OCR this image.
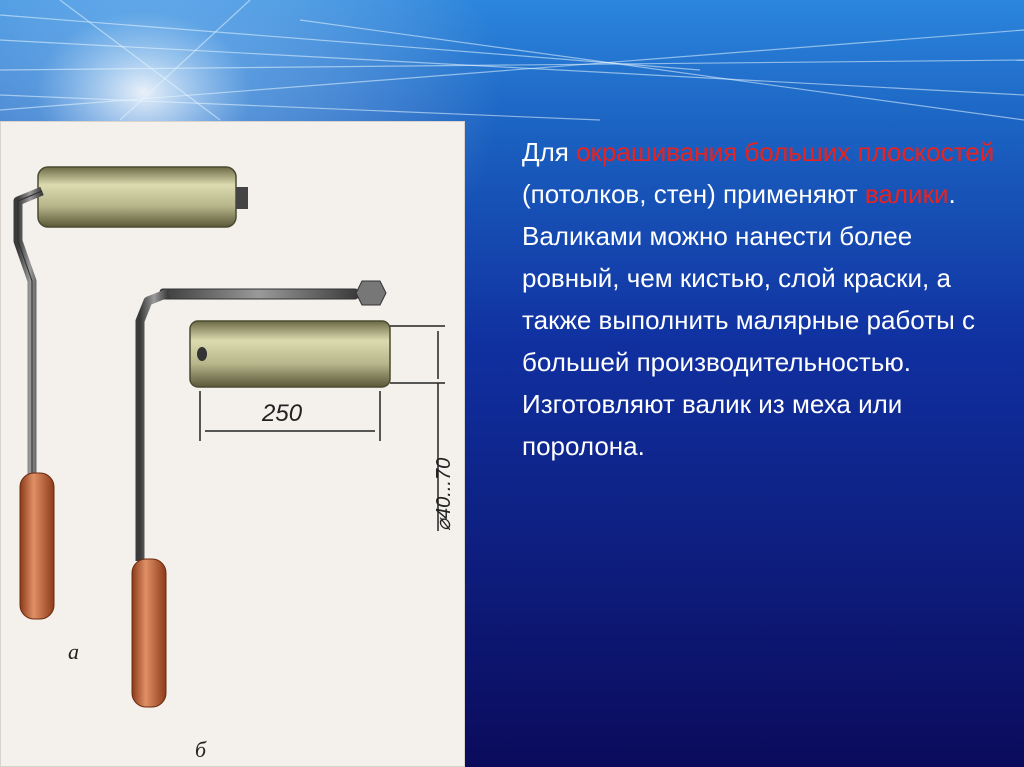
250
⌀40...70
а
б
Для окрашивания больших плоскостей (потолков, стен) применяют валики. Валиками можно нанести более ровный, чем кистью, слой краски, а также выполнить малярные работы с большей производительностью. Изготовляют валик из меха или поролона.
